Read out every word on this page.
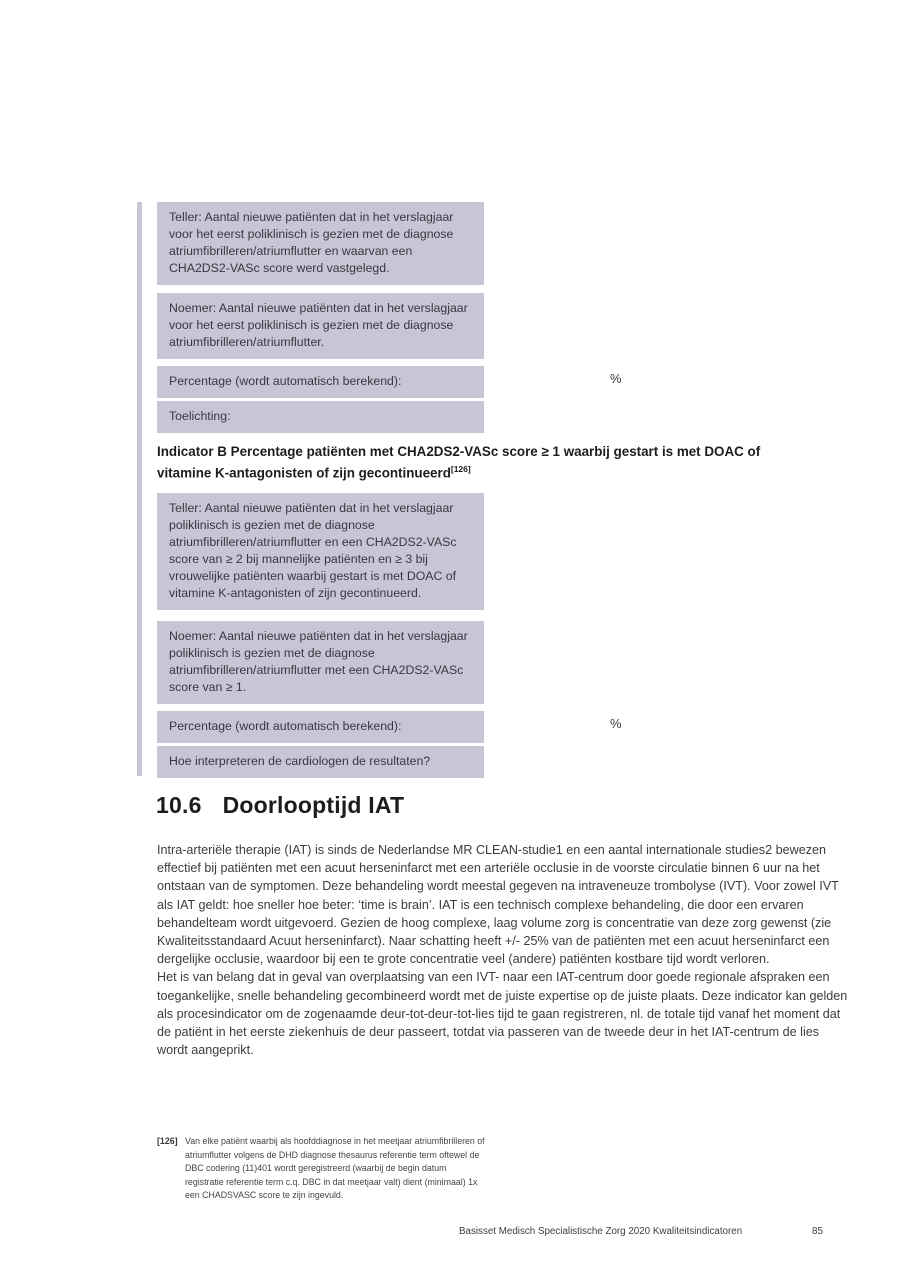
Teller: Aantal nieuwe patiënten dat in het verslagjaar voor het eerst poliklinisch is gezien met de diagnose atriumfibrilleren/atriumflutter en waarvan een CHA2DS2-VASc score werd vastgelegd.
Noemer: Aantal nieuwe patiënten dat in het verslagjaar voor het eerst poliklinisch is gezien met de diagnose atriumfibrilleren/atriumflutter.
Percentage (wordt automatisch berekend):	%
Toelichting:
Indicator B Percentage patiënten met CHA2DS2-VASc score ≥ 1 waarbij gestart is met DOAC of vitamine K-antagonisten of zijn gecontinueerd[126]
Teller: Aantal nieuwe patiënten dat in het verslagjaar poliklinisch is gezien met de diagnose atriumfibrilleren/atriumflutter en een CHA2DS2-VASc score van ≥ 2 bij mannelijke patiënten en ≥ 3 bij vrouwelijke patiënten waarbij gestart is met DOAC of vitamine K-antagonisten of zijn gecontinueerd.
Noemer: Aantal nieuwe patiënten dat in het verslagjaar poliklinisch is gezien met de diagnose atriumfibrilleren/atriumflutter met een CHA2DS2-VASc score van ≥ 1.
Percentage (wordt automatisch berekend):	%
Hoe interpreteren de cardiologen de resultaten?
10.6 Doorlooptijd IAT

Intra-arteriële therapie (IAT) is sinds de Nederlandse MR CLEAN-studie1 en een aantal internationale studies2 bewezen effectief bij patiënten met een acuut herseninfarct met een arteriële occlusie in de voorste circulatie binnen 6 uur na het ontstaan van de symptomen. Deze behandeling wordt meestal gegeven na intraveneuze trombolyse (IVT). Voor zowel IVT als IAT geldt: hoe sneller hoe beter: ‘time is brain’. IAT is een technisch complexe behandeling, die door een ervaren behandelteam wordt uitgevoerd. Gezien de hoog complexe, laag volume zorg is concentratie van deze zorg gewenst (zie Kwaliteitsstandaard Acuut herseninfarct). Naar schatting heeft +/- 25% van de patiënten met een acuut herseninfarct een dergelijke occlusie, waardoor bij een te grote concentratie veel (andere) patiënten kostbare tijd wordt verloren.

Het is van belang dat in geval van overplaatsing van een IVT- naar een IAT-centrum door goede regionale afspraken een toegankelijke, snelle behandeling gecombineerd wordt met de juiste expertise op de juiste plaats. Deze indicator kan gelden als procesindicator om de zogenaamde deur-tot-deur-tot-lies tijd te gaan registreren, nl. de totale tijd vanaf het moment dat de patiënt in het eerste ziekenhuis de deur passeert, totdat via passeren van de tweede deur in het IAT-centrum de lies wordt aangeprikt.

[126] Van elke patiënt waarbij als hoofddiagnose in het meetjaar atriumfibrilleren of atriumflutter volgens de DHD diagnose thesaurus referentie term oftewel de DBC codering (11)401 wordt geregistreerd (waarbij de begin datum registratie referentie term c.q. DBC in dat meetjaar valt) dient (minimaal) 1x een CHADSVASC score te zijn ingevuld.
Basisset Medisch Specialistische Zorg 2020 Kwaliteitsindicatoren	85
